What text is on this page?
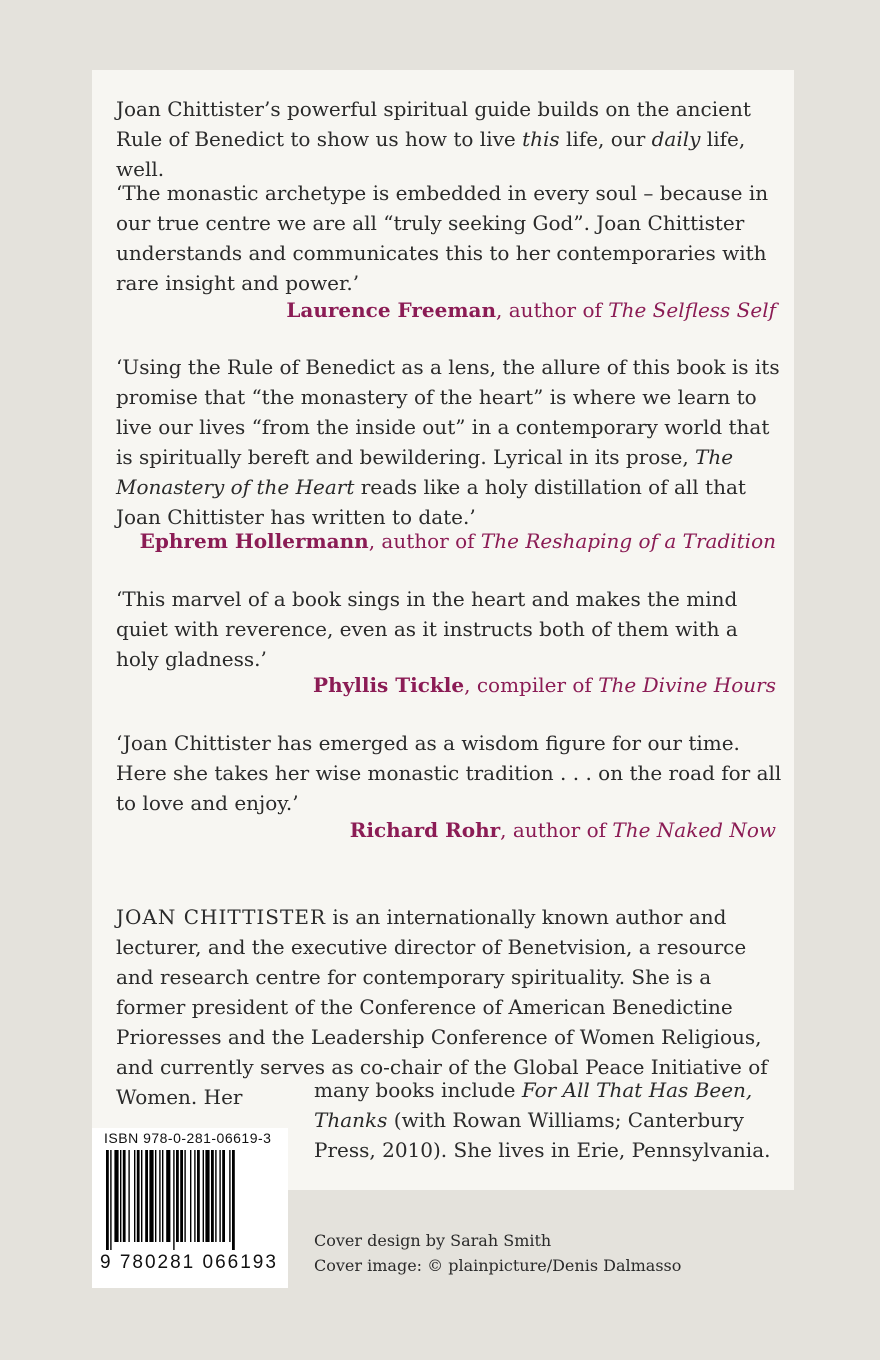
Joan Chittister’s powerful spiritual guide builds on the ancient Rule of Benedict to show us how to live this life, our daily life, well.

‘The monastic archetype is embedded in every soul – because in our true centre we are all “truly seeking God”. Joan Chittister understands and communicates this to her contemporaries with rare insight and power.’

Laurence Freeman, author of The Selfless Self

‘Using the Rule of Benedict as a lens, the allure of this book is its promise that “the monastery of the heart” is where we learn to live our lives “from the inside out” in a contemporary world that is spiritually bereft and bewildering. Lyrical in its prose, The Monastery of the Heart reads like a holy distillation of all that Joan Chittister has written to date.’

Ephrem Hollermann, author of The Reshaping of a Tradition

‘This marvel of a book sings in the heart and makes the mind quiet with reverence, even as it instructs both of them with a holy gladness.’

Phyllis Tickle, compiler of The Divine Hours

‘Joan Chittister has emerged as a wisdom figure for our time. Here she takes her wise monastic tradition . . . on the road for all to love and enjoy.’

Richard Rohr, author of The Naked Now

JOAN CHITTISTER is an internationally known author and lecturer, and the executive director of Benetvision, a resource and research centre for contemporary spirituality. She is a former president of the Conference of American Benedictine Prioresses and the Leadership Conference of Women Religious, and currently serves as co-chair of the Global Peace Initiative of Women. Her	many books include For All That Has Been, Thanks (with Rowan Williams; Canterbury Press, 2010). She lives in Erie, Pennsylvania.

ISBN 978-0-281-06619-3
9 780281 066193
Cover design by Sarah Smith
Cover image: © plainpicture/Denis Dalmasso
